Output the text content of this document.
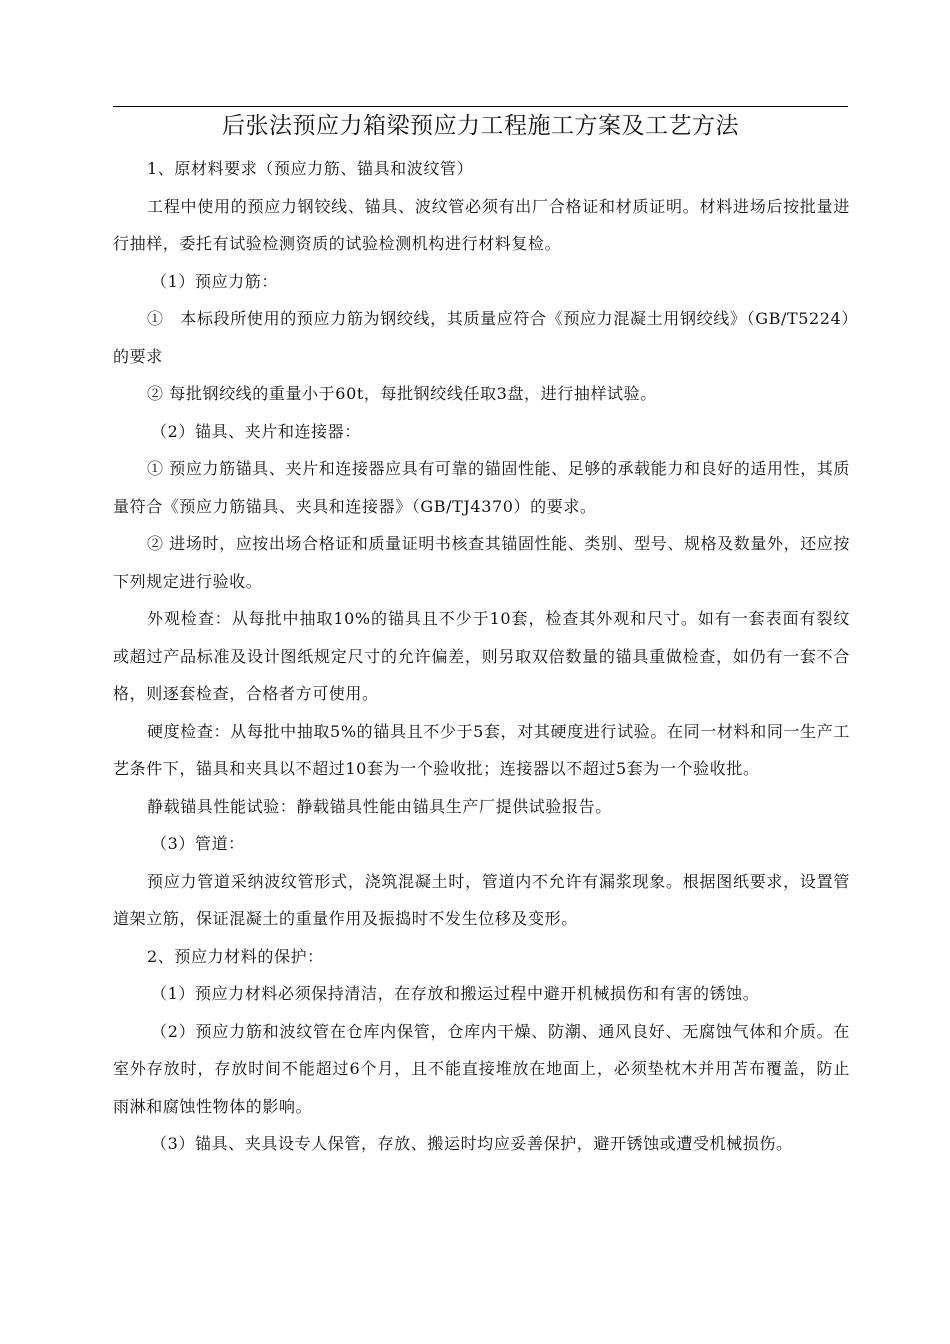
后张法预应力箱梁预应力工程施工方案及工艺方法

1、原材料要求（预应力筋、锚具和波纹管）

工程中使用的预应力钢铰线、锚具、波纹管必须有出厂合格证和材质证明。材料进场后按批量进行抽样，委托有试验检测资质的试验检测机构进行材料复检。

（1）预应力筋：

①　本标段所使用的预应力筋为钢绞线，其质量应符合《预应力混凝土用钢绞线》（GB/T5224）的要求

② 每批钢绞线的重量小于60t，每批钢绞线任取3盘，进行抽样试验。

（2）锚具、夹片和连接器：

① 预应力筋锚具、夹片和连接器应具有可靠的锚固性能、足够的承载能力和良好的适用性，其质量符合《预应力筋锚具、夹具和连接器》（GB/TJ4370）的要求。

② 进场时，应按出场合格证和质量证明书核查其锚固性能、类别、型号、规格及数量外，还应按下列规定进行验收。

外观检查：从每批中抽取10%的锚具且不少于10套，检查其外观和尺寸。如有一套表面有裂纹或超过产品标准及设计图纸规定尺寸的允许偏差，则另取双倍数量的锚具重做检查，如仍有一套不合格，则逐套检查，合格者方可使用。

硬度检查：从每批中抽取5%的锚具且不少于5套，对其硬度进行试验。在同一材料和同一生产工艺条件下，锚具和夹具以不超过10套为一个验收批；连接器以不超过5套为一个验收批。

静载锚具性能试验：静载锚具性能由锚具生产厂提供试验报告。

（3）管道：

预应力管道采纳波纹管形式，浇筑混凝土时，管道内不允许有漏浆现象。根据图纸要求，设置管道架立筋，保证混凝土的重量作用及振捣时不发生位移及变形。

2、预应力材料的保护：

（1）预应力材料必须保持清洁，在存放和搬运过程中避开机械损伤和有害的锈蚀。

（2）预应力筋和波纹管在仓库内保管，仓库内干燥、防潮、通风良好、无腐蚀气体和介质。在室外存放时，存放时间不能超过6个月，且不能直接堆放在地面上，必须垫枕木并用苫布覆盖，防止雨淋和腐蚀性物体的影响。

（3）锚具、夹具设专人保管，存放、搬运时均应妥善保护，避开锈蚀或遭受机械损伤。
